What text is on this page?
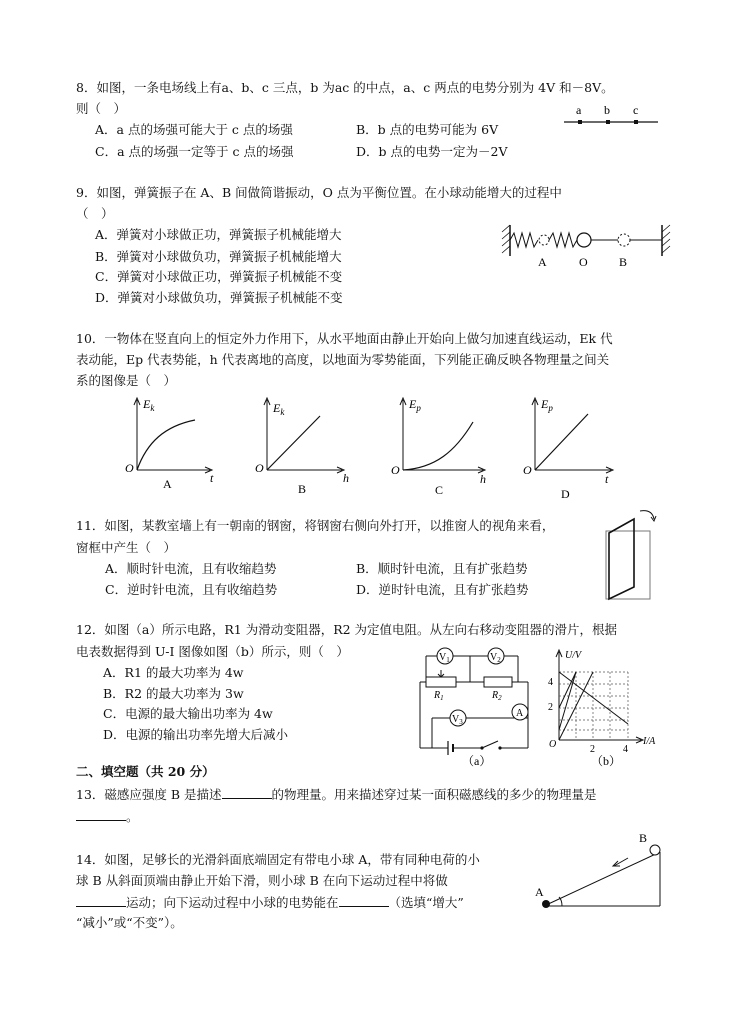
8．如图，一条电场线上有a、b、c 三点，b 为ac 的中点，a、c 两点的电势分别为 4V 和－8V。
则（　）
A．a 点的场强可能大于 c 点的场强	B．b 点的电势可能为 6V
C．a 点的场强一定等于 c 点的场强	D．b 点的电势一定为－2V
a b c
9．如图，弹簧振子在 A、B 间做简谐振动，O 点为平衡位置。在小球动能增大的过程中
（　）
A．弹簧对小球做正功，弹簧振子机械能增大
B．弹簧对小球做负功，弹簧振子机械能增大
C．弹簧对小球做正功，弹簧振子机械能不变
D．弹簧对小球做负功，弹簧振子机械能不变
A	O	B
10．一物体在竖直向上的恒定外力作用下，从水平地面由静止开始向上做匀加速直线运动，Ek 代
表动能，Ep 代表势能，h 代表离地的高度，以地面为零势能面，下列能正确反映各物理量之间关
系的图像是（　）
$E_k$
O
t
A
$E_k$
O
h
B
$E_p$
O
h
C
$E_p$
O
t
D
11．如图，某教室墙上有一朝南的钢窗，将钢窗右侧向外打开，以推窗人的视角来看，
窗框中产生（　）
A．顺时针电流，且有收缩趋势	B．顺时针电流，且有扩张趋势
C．逆时针电流，且有收缩趋势	D．逆时针电流，且有扩张趋势
12．如图（a）所示电路，R1 为滑动变阻器，R2 为定值电阻。从左向右移动变阻器的滑片，根据
电表数据得到 U-I 图像如图（b）所示，则（　）
A．R1 的最大功率为 4w
B．R2 的最大功率为 3w
C．电源的最大输出功率为 4w
D．电源的输出功率先增大后减小
$V_1$	$V_2$
$R_1$	$R_2$
$V_3$
A
（a）
U/V
I/A
O
4
2
2	4
（b）
二、填空题（共 20 分）
13．磁感应强度 B 是描述	的物理量。用来描述穿过某一面积磁感线的多少的物理量是
。
14．如图，足够长的光滑斜面底端固定有带电小球 A，带有同种电荷的小
球 B 从斜面顶端由静止开始下滑，则小球 B 在向下运动过程中将做
运动；向下运动过程中小球的电势能在	（选填“增大”
“减小”或“不变”）。
A
B
